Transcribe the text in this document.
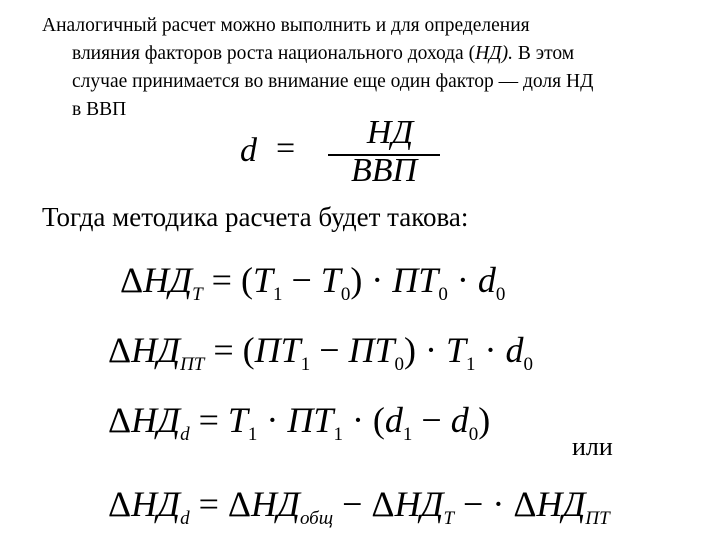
Аналогичный расчет можно выполнить и для определения
влияния факторов роста национального дохода (НД). В этом
случае принимается во внимание еще один фактор — доля НД
в ВВП
d =	НД
ВВП
Тогда методика расчета будет такова:
$\Delta НД_Т = (Т_1 - Т_0) \cdot ПТ_0 \cdot d_0$
$\Delta НД_{ПТ} = (ПТ_1 - ПТ_0) \cdot Т_1 \cdot d_0$
$\Delta НД_d = Т_1 \cdot ПТ_1 \cdot (d_1 - d_0)$
или
$\Delta НД_d = \Delta НД_{общ} - \Delta НД_Т$ − · $\Delta НД_{ПТ}$
